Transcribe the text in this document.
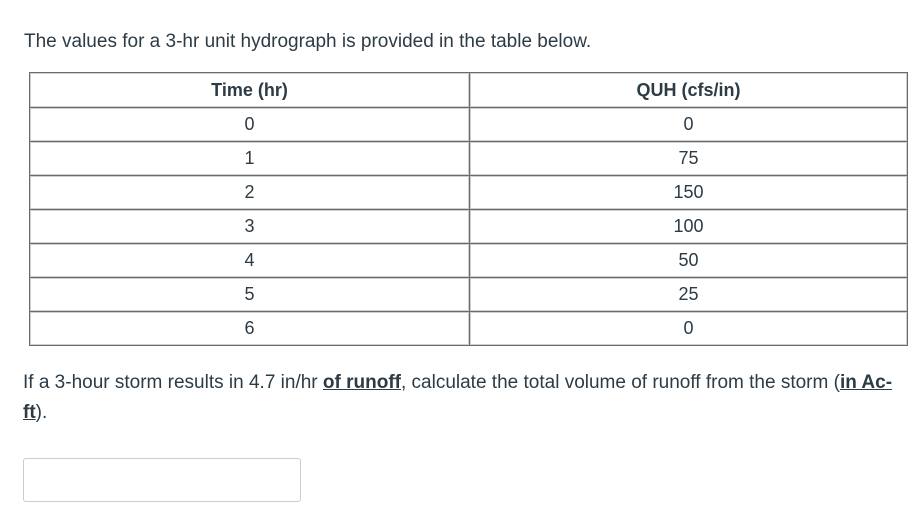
The values for a 3-hr unit hydrograph is provided in the table below.
Time (hr)	QUH (cfs/in)
0	0
1	75
2	150
3	100
4	50
5	25
6	0
If a 3-hour storm results in 4.7 in/hr of runoff, calculate the total volume of runoff from the storm (in Ac-ft).
